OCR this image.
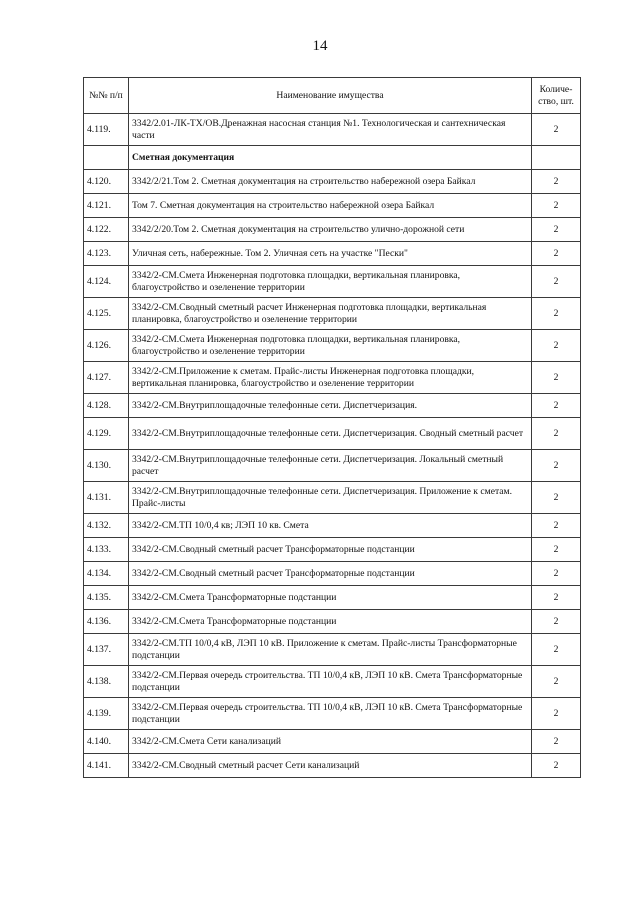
14
№№ п/п	Наименование имущества	Количе-ство, шт.
4.119.	3342/2.01-ЛК-ТХ/ОВ.Дренажная насосная станция №1. Технологическая и сантехническая части	2
	Сметная документация	
4.120.	3342/2/21.Том 2. Сметная документация на строительство набережной озера Байкал	2
4.121.	Том 7. Сметная документация на строительство набережной озера Байкал	2
4.122.	3342/2/20.Том 2. Сметная документация на строительство улично-дорожной сети	2
4.123.	Уличная сеть, набережные. Том 2. Уличная сеть на участке "Пески"	2
4.124.	3342/2-СМ.Смета Инженерная подготовка площадки, вертикальная планировка, благоустройство и озеленение территории	2
4.125.	3342/2-СМ.Сводный сметный расчет Инженерная подготовка площадки, вертикальная планировка, благоустройство и озеленение территории	2
4.126.	3342/2-СМ.Смета Инженерная подготовка площадки, вертикальная планировка, благоустройство и озеленение территории	2
4.127.	3342/2-СМ.Приложение к сметам. Прайс-листы Инженерная подготовка площадки, вертикальная планировка, благоустройство и озеленение территории	2
4.128.	3342/2-СМ.Внутриплощадочные телефонные сети. Диспетчеризация.	2
4.129.	3342/2-СМ.Внутриплощадочные телефонные сети. Диспетчеризация. Сводный сметный расчет	2
4.130.	3342/2-СМ.Внутриплощадочные телефонные сети. Диспетчеризация. Локальный сметный расчет	2
4.131.	3342/2-СМ.Внутриплощадочные телефонные сети. Диспетчеризация. Приложение к сметам. Прайс-листы	2
4.132.	3342/2-СМ.ТП 10/0,4 кв; ЛЭП 10 кв. Смета	2
4.133.	3342/2-СМ.Сводный сметный расчет Трансформаторные подстанции	2
4.134.	3342/2-СМ.Сводный сметный расчет Трансформаторные подстанции	2
4.135.	3342/2-СМ.Смета Трансформаторные подстанции	2
4.136.	3342/2-СМ.Смета Трансформаторные подстанции	2
4.137.	3342/2-СМ.ТП 10/0,4 кВ, ЛЭП 10 кВ. Приложение к сметам. Прайс-листы Трансформаторные подстанции	2
4.138.	3342/2-СМ.Первая очередь строительства. ТП 10/0,4 кВ, ЛЭП 10 кВ. Смета Трансформаторные подстанции	2
4.139.	3342/2-СМ.Первая очередь строительства. ТП 10/0,4 кВ, ЛЭП 10 кВ. Смета Трансформаторные подстанции	2
4.140.	3342/2-СМ.Смета Сети канализаций	2
4.141.	3342/2-СМ.Сводный сметный расчет Сети канализаций	2
